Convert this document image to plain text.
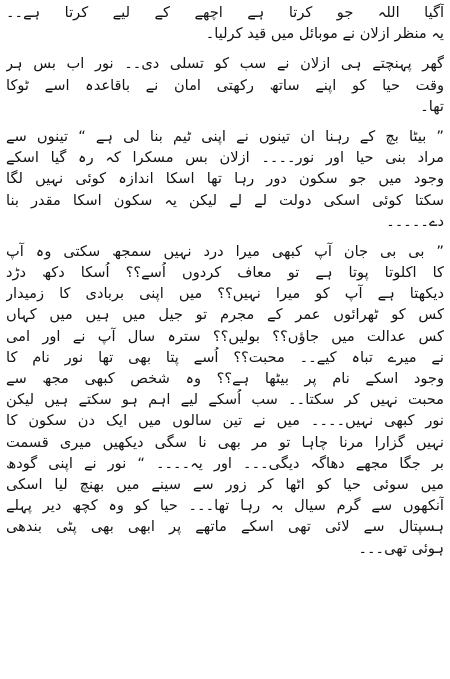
آگیا اللہ جو کرتا ہے اچھے کے لیے کرتا ہے۔۔
یہ منظر ازلان نے موبائل میں قید کرلیا۔
گھر پہنچتے ہی ازلان نے سب کو تسلی دی۔۔ نور اب بس ہر
وقت حیا کو اپنے ساتھ رکھتی امان نے باقاعدہ اسے ٹوکا
تھا۔
” بیٹا بچ کے رہنا ان تینوں نے اپنی ٹیم بنا لی ہے “ تینوں سے
مراد بنی حیا اور نور۔۔۔۔ ازلان بس مسکرا کہ رہ گیا اسکے
وجود میں جو سکون دور رہا تھا اسکا اندازہ کوئی نہیں لگا
سکتا کوئی اسکی دولت لے لے لیکن یہ سکون اسکا مقدر بنا
دے۔۔۔۔۔
” بی بی جان آپ کبھی میرا درد نہیں سمجھ سکتی وہ آپ
کا اکلوتا پوتا ہے تو معاف کردوں اُسے؟؟ اُسکا دکھ دڑد
دیکھتا ہے آپ کو میرا نہیں؟؟ میں اپنی بربادی کا زمیدار
کس کو ٹھرائوں عمر کے مجرم تو جیل میں ہیں میں کہاں
کس عدالت میں جاؤں؟؟ بولیں؟؟ سترہ سال آپ نے اور امی
نے میرے تباہ کیے۔۔ محبت؟؟ اُسے پتا بھی تھا نور نام کا
وجود اسکے نام پر بیٹھا ہے؟؟ وہ شخص کبھی مجھ سے
محبت نہیں کر سکتا۔۔ سب اُسکے لیے اہم ہو سکتے ہیں لیکن
نور کبھی نہیں۔۔۔۔ میں نے تین سالوں میں ایک دن سکون کا
نہیں گزارا مرنا چاہا تو مر بھی نا سگی دیکھیں میری قسمت
بر جگا مجھے دھاگہ دیگی۔۔۔ اور یہ۔۔۔۔ “ نور نے اپنی گودھ
میں سوئی حیا کو اٹھا کر زور سے سینے میں بھنچ لیا اسکی
آنکھوں سے گرم سیال بہ رہا تھا۔۔۔ حیا کو وہ کچھ دیر پہلے
ہسپتال سے لائی تھی اسکے ماتھے پر ابھی بھی پٹی بندھی
ہوئی تھی۔۔۔
